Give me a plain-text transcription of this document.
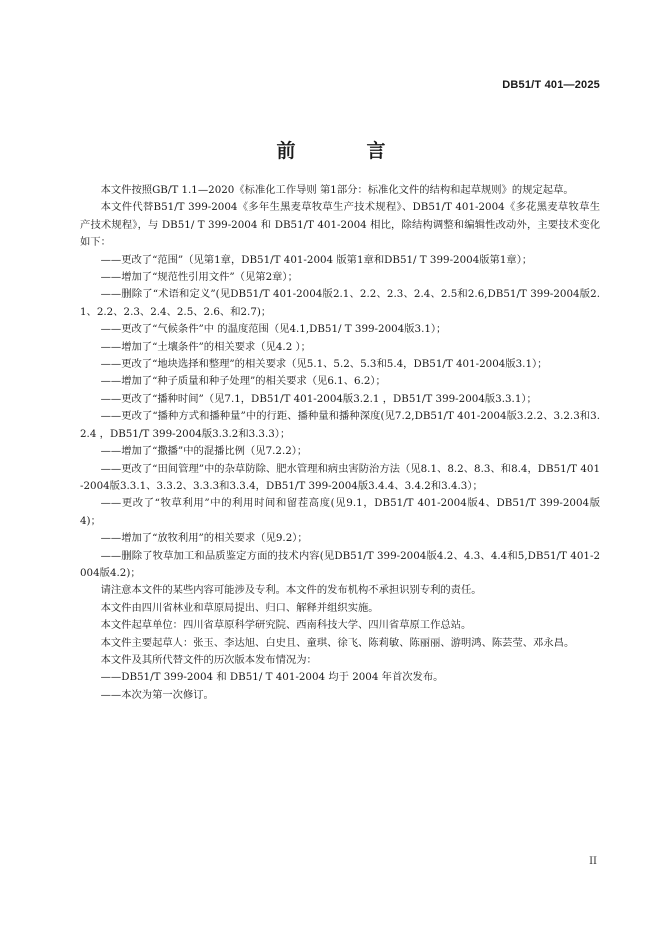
DB51/T 401—2025
前　言

本文件按照GB/T 1.1—2020《标准化工作导则 第1部分：标准化文件的结构和起草规则》的规定起草。

本文件代替B51/T 399-2004《多年生黑麦草牧草生产技术规程》、DB51/T 401-2004《多花黑麦草牧草生产技术规程》，与 DB51/ T 399-2004 和 DB51/T 401-2004 相比，除结构调整和编辑性改动外，主要技术变化如下：

——更改了“范围”（见第1章，DB51/T 401-2004 版第1章和DB51/ T 399-2004版第1章）；

——增加了“规范性引用文件”（见第2章）；

——删除了“术语和定义”(见DB51/T 401-2004版2.1、2.2、2.3、2.4、2.5和2.6,DB51/T 399-2004版2.1、2.2、2.3、2.4、2.5、2.6、和2.7)；

——更改了“气候条件”中 的温度范围（见4.1,DB51/ T 399-2004版3.1）；

——增加了“土壤条件”的相关要求（见4.2 ）；

——更改了“地块选择和整理”的相关要求（见5.1、5.2、5.3和5.4，DB51/T 401-2004版3.1）；

——增加了“种子质量和种子处理”的相关要求（见6.1、6.2）；

——更改了“播种时间”（见7.1，DB51/T 401-2004版3.2.1 ，DB51/T 399-2004版3.3.1）；

——更改了“播种方式和播种量”中的行距、播种量和播种深度(见7.2,DB51/T 401-2004版3.2.2、3.2.3和3.2.4 ，DB51/T 399-2004版3.3.2和3.3.3）；

——增加了“撒播”中的混播比例（见7.2.2）；

——更改了“田间管理”中的杂草防除、肥水管理和病虫害防治方法（见8.1、8.2、8.3、和8.4，DB51/T 401-2004版3.3.1、3.3.2、3.3.3和3.3.4，DB51/T 399-2004版3.4.4、3.4.2和3.4.3）；

——更改了“牧草利用”中的利用时间和留茬高度(见9.1，DB51/T 401-2004版4、DB51/T 399-2004版4)；

——增加了“放牧利用”的相关要求（见9.2）；

——删除了牧草加工和品质鉴定方面的技术内容(见DB51/T 399-2004版4.2、4.3、4.4和5,DB51/T 401-2004版4.2)；

请注意本文件的某些内容可能涉及专利。本文件的发布机构不承担识别专利的责任。

本文件由四川省林业和草原局提出、归口、解释并组织实施。

本文件起草单位：四川省草原科学研究院、西南科技大学、四川省草原工作总站。

本文件主要起草人：张玉、李达旭、白史且、童琪、徐飞、陈莉敏、陈丽丽、游明鸿、陈芸莹、邓永昌。

本文件及其所代替文件的历次版本发布情况为：

——DB51/T 399-2004 和 DB51/ T 401-2004 均于 2004 年首次发布。

——本次为第一次修订。

II
